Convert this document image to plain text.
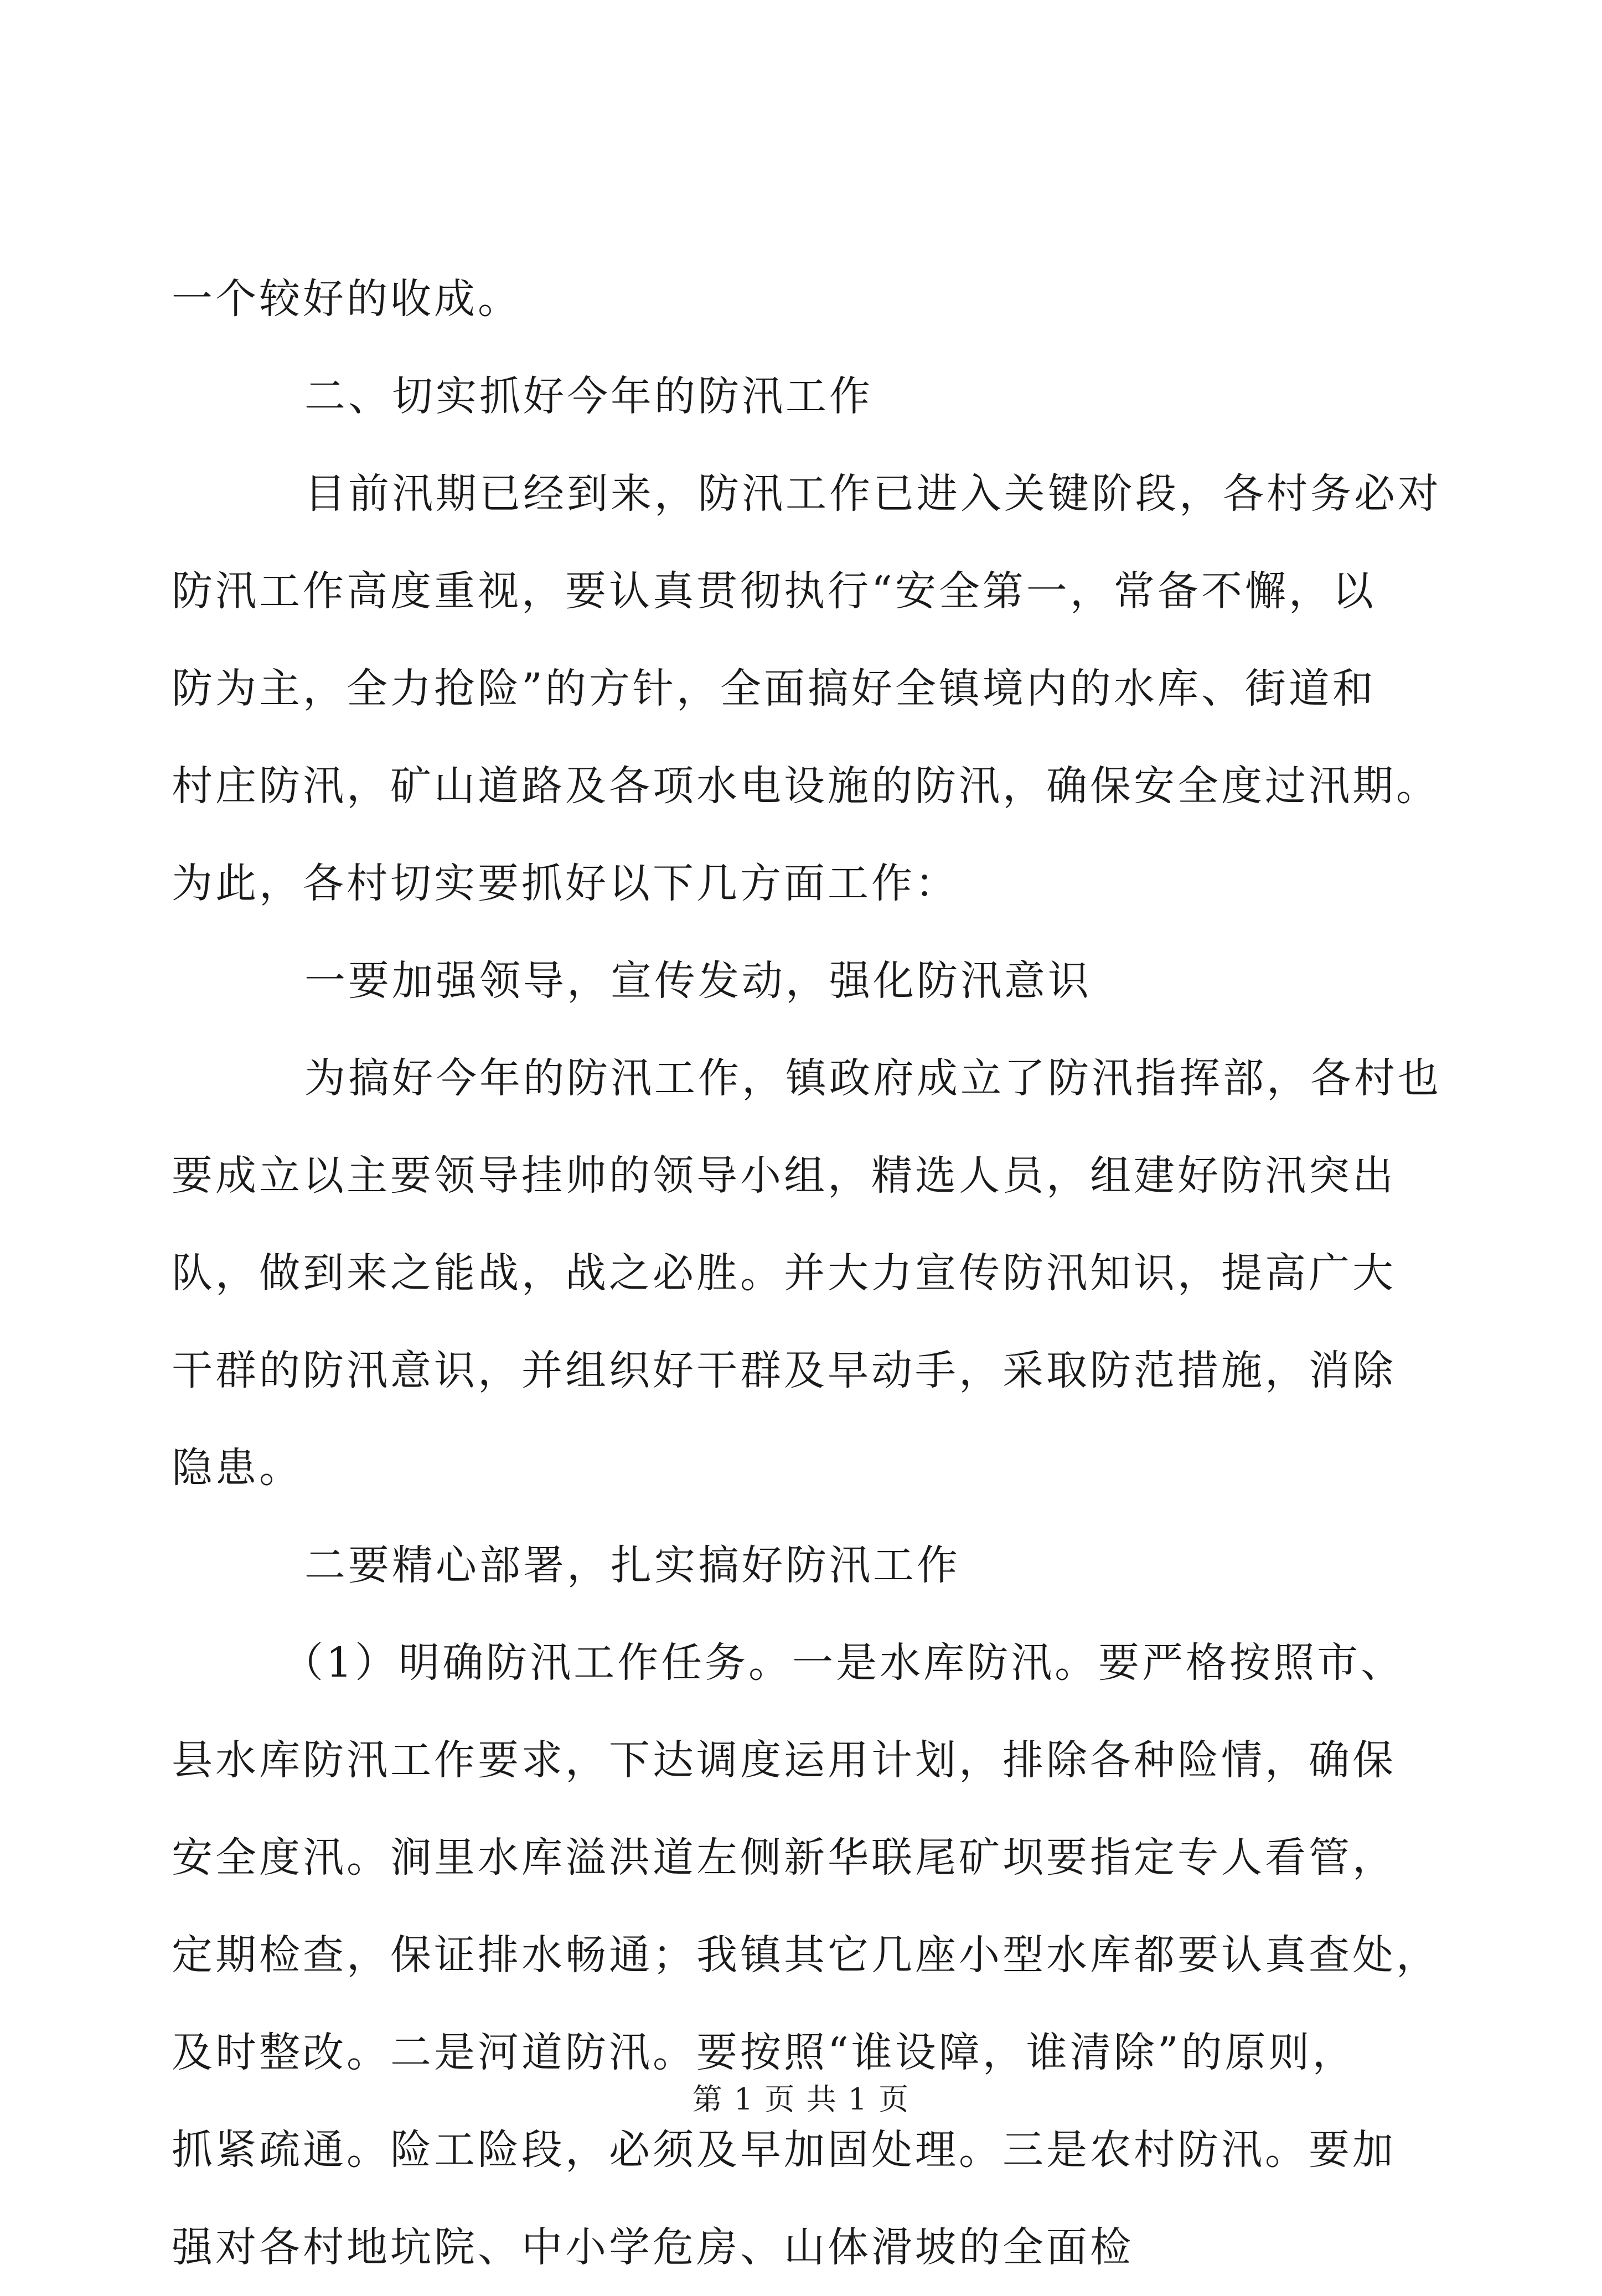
一个较好的收成。
二、切实抓好今年的防汛工作
目前汛期已经到来，防汛工作已进入关键阶段，各村务必对
防汛工作高度重视，要认真贯彻执行“安全第一，常备不懈，以
防为主，全力抢险”的方针，全面搞好全镇境内的水库、街道和
村庄防汛，矿山道路及各项水电设施的防汛，确保安全度过汛期。
为此，各村切实要抓好以下几方面工作：
一要加强领导，宣传发动，强化防汛意识
为搞好今年的防汛工作，镇政府成立了防汛指挥部，各村也
要成立以主要领导挂帅的领导小组，精选人员，组建好防汛突出
队，做到来之能战，战之必胜。并大力宣传防汛知识，提高广大
干群的防汛意识，并组织好干群及早动手，采取防范措施，消除
隐患。
二要精心部署，扎实搞好防汛工作
（1）明确防汛工作任务。一是水库防汛。要严格按照市、
县水库防汛工作要求，下达调度运用计划，排除各种险情，确保
安全度汛。涧里水库溢洪道左侧新华联尾矿坝要指定专人看管，
定期检查，保证排水畅通；我镇其它几座小型水库都要认真查处，
及时整改。二是河道防汛。要按照“谁设障，谁清除”的原则，
抓紧疏通。险工险段，必须及早加固处理。三是农村防汛。要加
强对各村地坑院、中小学危房、山体滑坡的全面检
第 1 页 共 1 页
